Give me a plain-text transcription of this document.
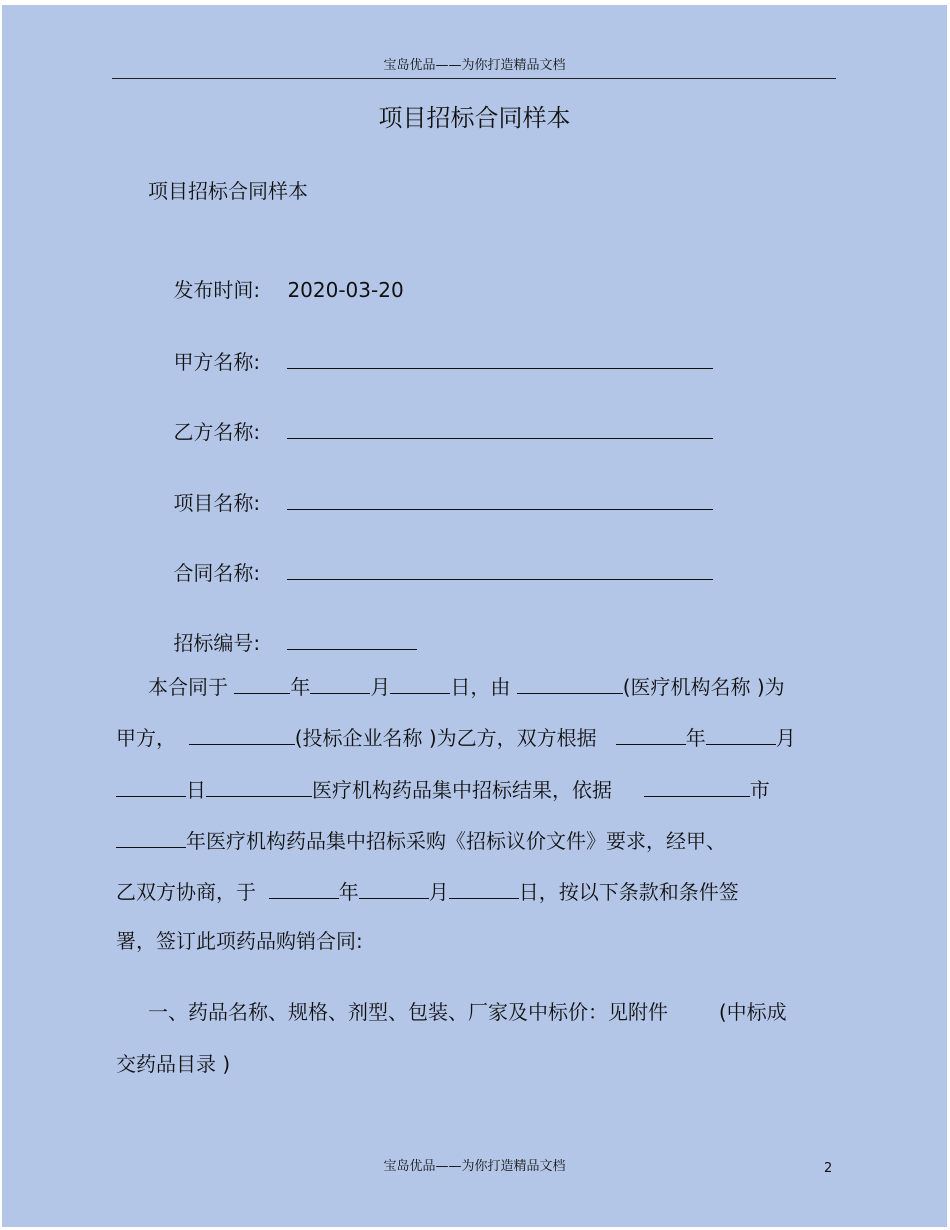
宝岛优品——为你打造精品文档
项目招标合同样本
项目招标合同样本

发布时间: 2020-03-20

甲方名称:

乙方名称:

项目名称:

合同名称:

招标编号:

本合同于	年	月	日，由	(医疗机构名称 )为
甲方，	(投标企业名称 )为乙方，双方根据	年	月
日	医疗机构药品集中招标结果，依据	市
年医疗机构药品集中招标采购《招标议价文件》要求，经甲、
乙双方协商，于	年	月	日，按以下条款和条件签
署，签订此项药品购销合同:
一、药品名称、规格、剂型、包装、厂家及中标价：见附件	(中标成
交药品目录 )
宝岛优品——为你打造精品文档	2
